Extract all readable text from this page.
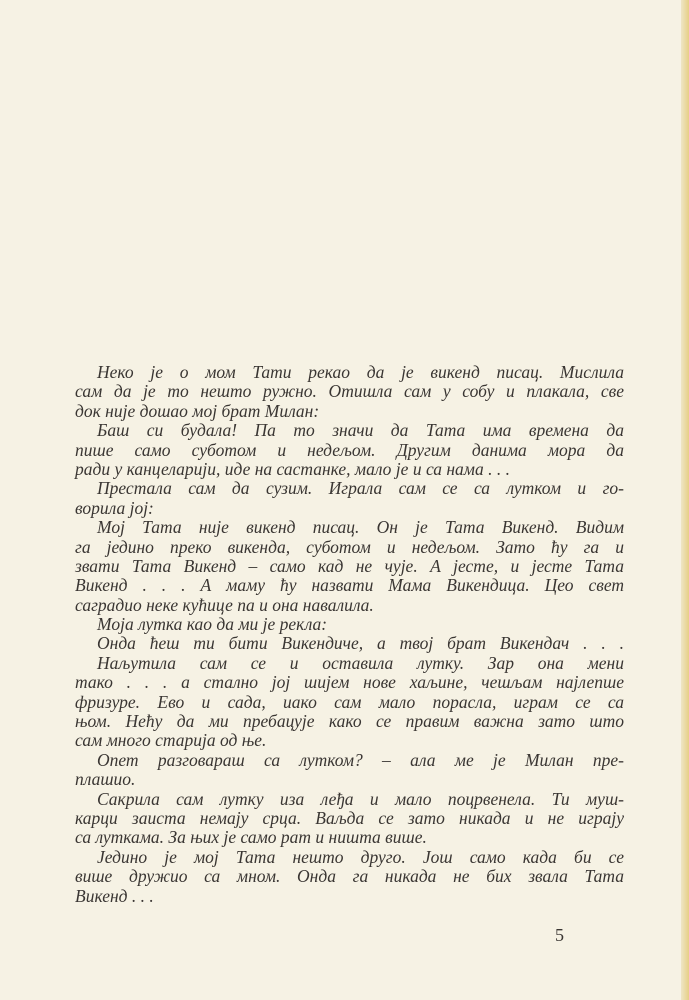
Неко је о мом Тати рекао да је викенд писац. Мислила
сам да је то нешто ружно. Отишла сам у собу и плакала, све
док није дошао мој брат Милан:
Баш си будала! Па то значи да Тата има времена да
пише само суботом и недељом. Другим данима мора да
ради у канцеларији, иде на састанке, мало је и са нама . . .
Престала сам да сузим. Играла сам се са лутком и го-
ворила јој:
Мој Тата није викенд писац. Он је Тата Викенд. Видим
га једино преко викенда, суботом и недељом. Зато ћу га и
звати Тата Викенд – само кад не чује. А јесте, и јесте Тата
Викенд . . . А маму ћу назвати Мама Викендица. Цео свет
саградио неке кућице па и она навалила.
Моја лутка као да ми је рекла:
Онда ћеш ти бити Викендиче, а твој брат Викендач . . .
Наљутила сам се и оставила лутку. Зар она мени
тако . . . а стално јој шијем нове хаљине, чешљам најлепше
фризуре. Ево и сада, иако сам мало порасла, играм се са
њом. Нећу да ми пребацује како се правим важна зато што
сам много старија од ње.
Опет разговараш са лутком? – ала ме је Милан пре-
плашио.
Сакрила сам лутку иза леђа и мало поцрвенела. Ти муш-
карци заиста немају срца. Ваљда се зато никада и не играју
са луткама. За њих је само рат и ништа више.
Једино је мој Тата нешто друго. Још само када би се
више дружио са мном. Онда га никада не бих звала Тата
Викенд . . .
5
